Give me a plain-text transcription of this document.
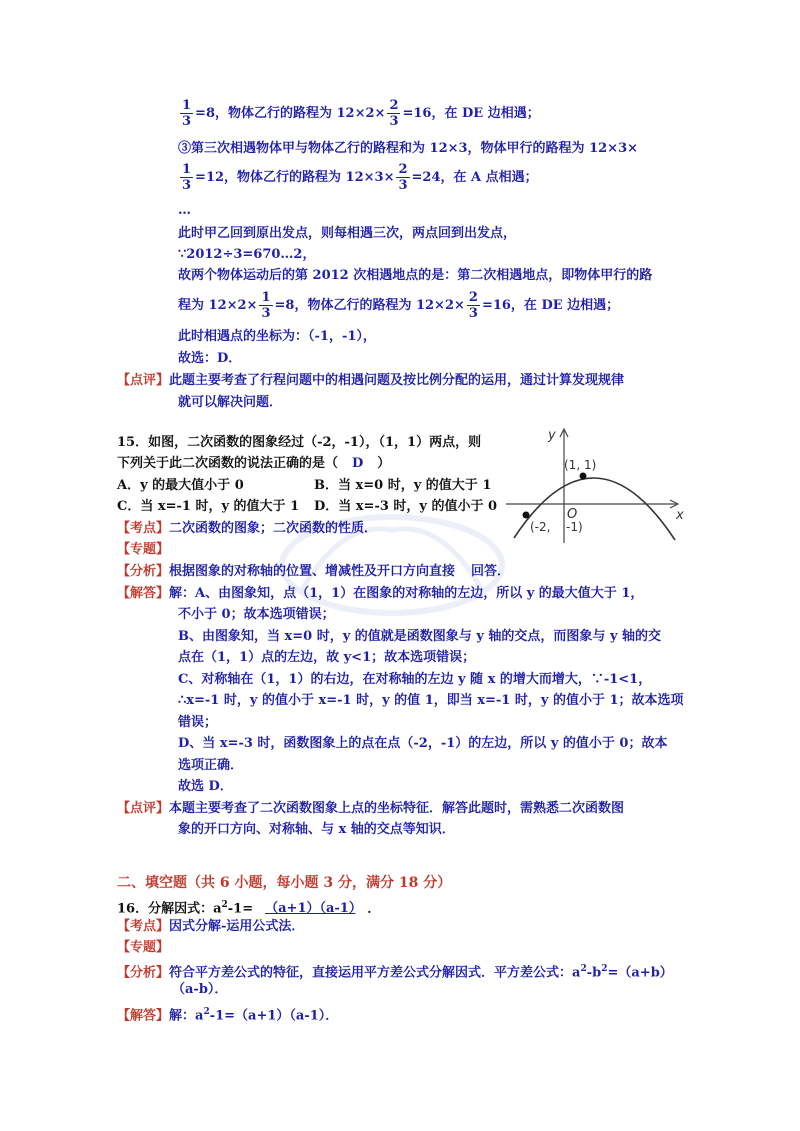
$\frac{1}{3} =8$，物体乙行的路程为 $12\times 2\times \frac{2}{3} =16$，在 DE 边相遇；
③第三次相遇物体甲与物体乙行的路程和为 12×3，物体甲行的路程为 12×3×
$\frac{1}{3} =12$，物体乙行的路程为 $12\times 3\times \frac{2}{3} =24$，在 A 点相遇；
…
此时甲乙回到原出发点，则每相遇三次，两点回到出发点，
∵2012÷3=670…2，
故两个物体运动后的第 2012 次相遇地点的是：第二次相遇地点，即物体甲行的路
程为 $12\times 2\times \frac{1}{3} =8$，物体乙行的路程为 $12\times 2\times \frac{2}{3} =16$，在 DE 边相遇；
此时相遇点的坐标为：（-1，-1），
故选：D．
【点评】此题主要考查了行程问题中的相遇问题及按比例分配的运用，通过计算发现规律
就可以解决问题．
15．如图，二次函数的图象经过（-2，-1），（1，1）两点，则
下列关于此二次函数的说法正确的是（ D ）
A．y 的最大值小于 0	B．当 x=0 时，y 的值大于 1
C．当 x=-1 时，y 的值大于 1 D．当 x=-3 时，y 的值小于 0
y
x
O
(1, 1)
(-2, -1)
【考点】二次函数的图象；二次函数的性质．
【专题】
【分析】根据图象的对称轴的位置、增减性及开口方向直接 回答．
【解答】解：A、由图象知，点（1，1）在图象的对称轴的左边，所以 y 的最大值大于 1，
不小于 0；故本选项错误；
B、由图象知，当 x=0 时，y 的值就是函数图象与 y 轴的交点，而图象与 y 轴的交
点在（1，1）点的左边，故 y<1；故本选项错误；
C、对称轴在（1，1）的右边，在对称轴的左边 y 随 x 的增大而增大，∵-1<1，
∴x=-1 时，y 的值小于 x=-1 时，y 的值 1，即当 x=-1 时，y 的值小于 1；故本选项
错误；
D、当 x=-3 时，函数图象上的点在点（-2，-1）的左边，所以 y 的值小于 0；故本
选项正确．
故选 D．
【点评】本题主要考查了二次函数图象上点的坐标特征．解答此题时，需熟悉二次函数图
象的开口方向、对称轴、与 x 轴的交点等知识．
二、填空题（共 6 小题，每小题 3 分，满分 18 分）
16．分解因式：$a^2-1= (a+1)(a-1)$ ．
【考点】因式分解-运用公式法．
【专题】
【分析】符合平方差公式的特征，直接运用平方差公式分解因式．平方差公式：$a^2-b^2=(a+b)$
（a-b）．
【解答】解：$a^2-1=(a+1)(a-1)$．
